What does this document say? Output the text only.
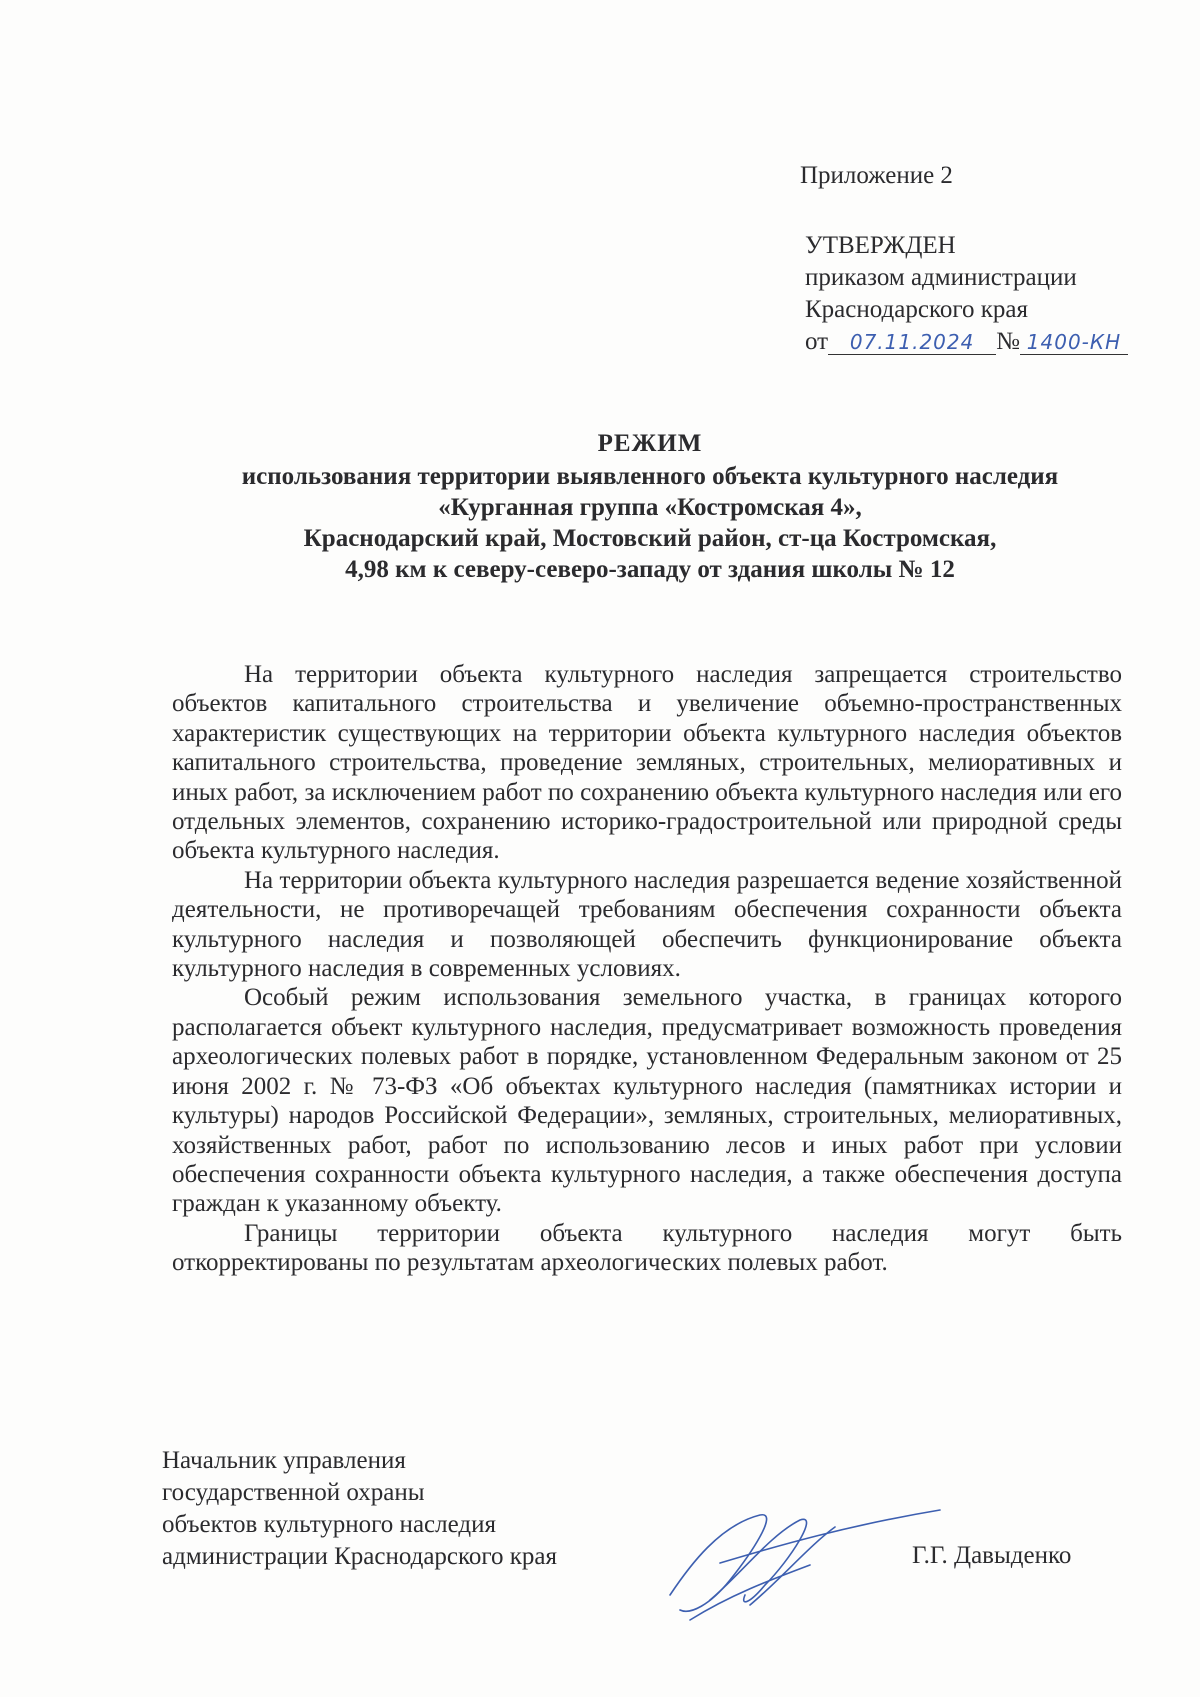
Приложение 2
УТВЕРЖДЕН
приказом администрации
Краснодарского края
от 07.11.2024 № 1400-КН
РЕЖИМ
использования территории выявленного объекта культурного наследия
«Курганная группа «Костромская 4»,
Краснодарский край, Мостовский район, ст-ца Костромская,
4,98 км к северу-северо-западу от здания школы № 12

На территории объекта культурного наследия запрещается строительство объектов капитального строительства и увеличение объемно-пространственных характеристик существующих на территории объекта культурного наследия объектов капитального строительства, проведение земляных, строительных, мелиоративных и иных работ, за исключением работ по сохранению объекта культурного наследия или его отдельных элементов, сохранению историко-градостроительной или природной среды объекта культурного наследия.

На территории объекта культурного наследия разрешается ведение хозяйственной деятельности, не противоречащей требованиям обеспечения сохранности объекта культурного наследия и позволяющей обеспечить функционирование объекта культурного наследия в современных условиях.

Особый режим использования земельного участка, в границах которого располагается объект культурного наследия, предусматривает возможность проведения археологических полевых работ в порядке, установленном Федеральным законом от 25 июня 2002 г. № 73-ФЗ «Об объектах культурного наследия (памятниках истории и культуры) народов Российской Федерации», земляных, строительных, мелиоративных, хозяйственных работ, работ по использованию лесов и иных работ при условии обеспечения сохранности объекта культурного наследия, а также обеспечения доступа граждан к указанному объекту.

Границы территории объекта культурного наследия могут быть откорректированы по результатам археологических полевых работ.

Начальник управления
государственной охраны
объектов культурного наследия
администрации Краснодарского края	Г.Г. Давыденко
